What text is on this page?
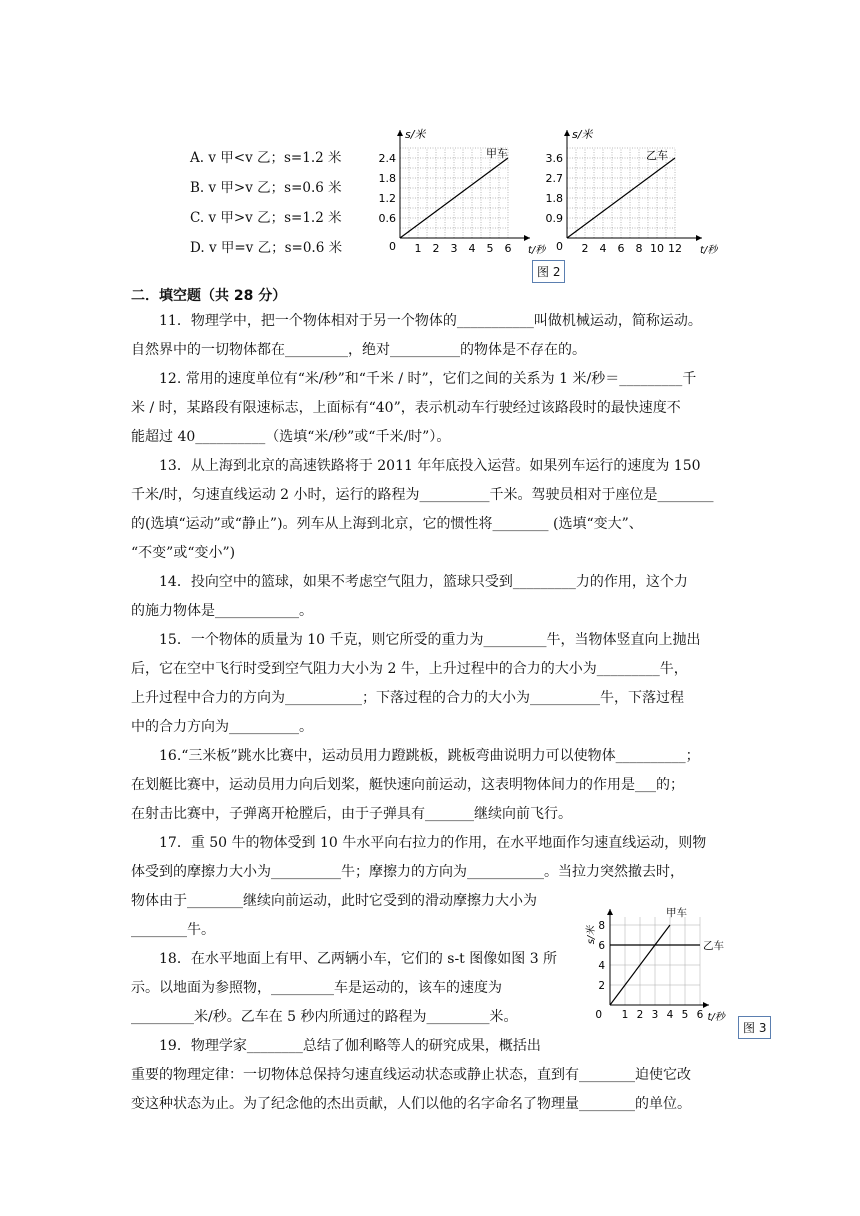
A. v 甲<v 乙；s=1.2 米
B. v 甲>v 乙；s=0.6 米
C. v 甲>v 乙；s=1.2 米
D. v 甲=v 乙；s=0.6 米	1 2 3 4 5 6
0.6
1.2
1.8
2.4
0
s/米
t/秒
甲车
2 4 6 8 10 12
0.9
1.8
2.7
3.6
0
s/米
t/秒
乙车
图 2
二．填空题（共 28 分）
11．物理学中，把一个物体相对于另一个物体的___________叫做机械运动，简称运动。
自然界中的一切物体都在_________，绝对__________的物体是不存在的。
12. 常用的速度单位有“米/秒”和“千米 / 时”，它们之间的关系为 1 米/秒＝_________千
米 / 时，某路段有限速标志，上面标有“40”，表示机动车行驶经过该路段时的最快速度不
能超过 40__________（选填“米/秒”或“千米/时”）。
13．从上海到北京的高速铁路将于 2011 年年底投入运营。如果列车运行的速度为 150
千米/时，匀速直线运动 2 小时，运行的路程为__________千米。驾驶员相对于座位是________
的(选填“运动”或“静止”)。列车从上海到北京，它的惯性将________ (选填“变大”、
“不变”或“变小”)
14．投向空中的篮球，如果不考虑空气阻力，篮球只受到_________力的作用，这个力
的施力物体是____________。
15．一个物体的质量为 10 千克，则它所受的重力为_________牛，当物体竖直向上抛出
后，它在空中飞行时受到空气阻力大小为 2 牛，上升过程中的合力的大小为_________牛，
上升过程中合力的方向为___________；下落过程的合力的大小为__________牛，下落过程
中的合力方向为__________。
16.“三米板”跳水比赛中，运动员用力蹬跳板，跳板弯曲说明力可以使物体__________；
在划艇比赛中，运动员用力向后划桨，艇快速向前运动，这表明物体间力的作用是___的；
在射击比赛中，子弹离开枪膛后，由于子弹具有_______继续向前飞行。
17．重 50 牛的物体受到 10 牛水平向右拉力的作用，在水平地面作匀速直线运动，则物
体受到的摩擦力大小为__________牛；摩擦力的方向为___________。当拉力突然撤去时，
物体由于________继续向前运动，此时它受到的滑动摩擦力大小为
________牛。
18．在水平地面上有甲、乙两辆小车，它们的 s-t 图像如图 3 所
示。以地面为参照物，_________车是运动的，该车的速度为
_________米/秒。乙车在 5 秒内所通过的路程为_________米。
19．物理学家________总结了伽利略等人的研究成果，概括出
重要的物理定律：一切物体总保持匀速直线运动状态或静止状态，直到有________迫使它改
变这种状态为止。为了纪念他的杰出贡献，人们以他的名字命名了物理量________的单位。
1 2 3 4 5 6
2
4
6
8
0	t/秒
s/米
甲车
乙车
图 3
